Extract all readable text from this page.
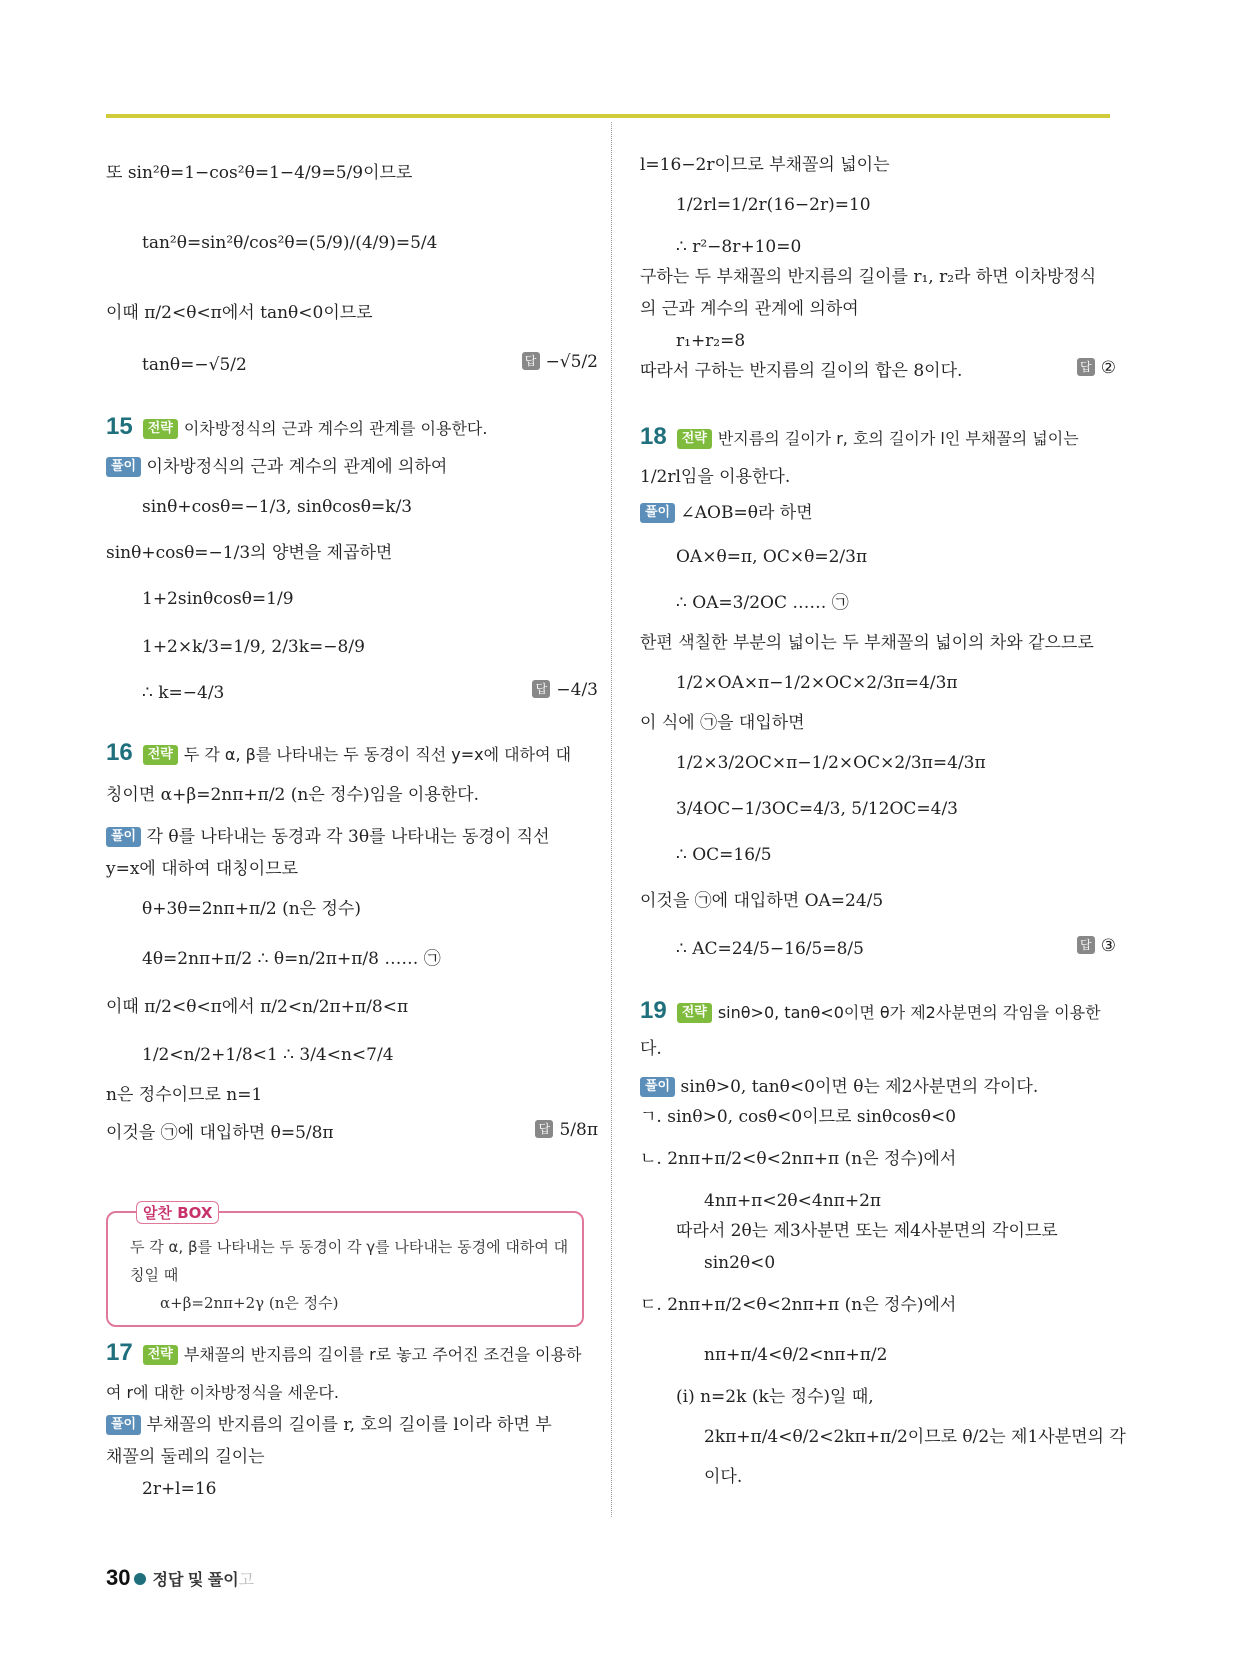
또 sin²θ=1−cos²θ=1−4/9=5/9이므로
tan²θ=sin²θ/cos²θ=(5/9)/(4/9)=5/4
이때 π/2<θ<π에서 tanθ<0이므로
tanθ=−√5/2
풀이 이차방정식의 근과 계수의 관계에 의하여
sinθ+cosθ=−1/3, sinθcosθ=k/3
sinθ+cosθ=−1/3의 양변을 제곱하면
1+2sinθcosθ=1/9
1+2×k/3=1/9, 2/3k=−8/9
∴ k=−4/3
칭이면 α+β=2nπ+π/2 (n은 정수)임을 이용한다.
풀이 각 θ를 나타내는 동경과 각 3θ를 나타내는 동경이 직선
y=x에 대하여 대칭이므로
θ+3θ=2nπ+π/2 (n은 정수)
4θ=2nπ+π/2 ∴ θ=n/2π+π/8 …… ㉠
이때 π/2<θ<π에서 π/2<n/2π+π/8<π
1/2<n/2+1/8<1 ∴ 3/4<n<7/4
n은 정수이므로 n=1
이것을 ㉠에 대입하면 θ=5/8π
풀이 부채꼴의 반지름의 길이를 r, 호의 길이를 l이라 하면 부
채꼴의 둘레의 길이는
2r+l=16
15 전략 이차방정식의 근과 계수의 관계를 이용한다.
16 전략 두 각 α, β를 나타내는 두 동경이 직선 y=x에 대하여 대
17 전략 부채꼴의 반지름의 길이를 r로 놓고 주어진 조건을 이용하
여 r에 대한 이차방정식을 세운다.
답 −√5/2
답 −4/3
답 5/8π
l=16−2r이므로 부채꼴의 넓이는
1/2rl=1/2r(16−2r)=10
∴ r²−8r+10=0
구하는 두 부채꼴의 반지름의 길이를 r₁, r₂라 하면 이차방정식
의 근과 계수의 관계에 의하여
r₁+r₂=8
따라서 구하는 반지름의 길이의 합은 8이다.
1/2rl임을 이용한다.
풀이 ∠AOB=θ라 하면
OA×θ=π, OC×θ=2/3π
∴ OA=3/2OC …… ㉠
한편 색칠한 부분의 넓이는 두 부채꼴의 넓이의 차와 같으므로
1/2×OA×π−1/2×OC×2/3π=4/3π
이 식에 ㉠을 대입하면
1/2×3/2OC×π−1/2×OC×2/3π=4/3π
3/4OC−1/3OC=4/3, 5/12OC=4/3
∴ OC=16/5
이것을 ㉠에 대입하면 OA=24/5
∴ AC=24/5−16/5=8/5
다.
풀이 sinθ>0, tanθ<0이면 θ는 제2사분면의 각이다.
ㄱ. sinθ>0, cosθ<0이므로 sinθcosθ<0
ㄴ. 2nπ+π/2<θ<2nπ+π (n은 정수)에서
4nπ+π<2θ<4nπ+2π
따라서 2θ는 제3사분면 또는 제4사분면의 각이므로
sin2θ<0
ㄷ. 2nπ+π/2<θ<2nπ+π (n은 정수)에서
nπ+π/4<θ/2<nπ+π/2
(ⅰ) n=2k (k는 정수)일 때,
2kπ+π/4<θ/2<2kπ+π/2이므로 θ/2는 제1사분면의 각
이다.
18 전략 반지름의 길이가 r, 호의 길이가 l인 부채꼴의 넓이는
19 전략 sinθ>0, tanθ<0이면 θ가 제2사분면의 각임을 이용한
답 ②
답 ③
알찬 BOX
두 각 α, β를 나타내는 두 동경이 각 γ를 나타내는 동경에 대하여 대
칭일 때
α+β=2nπ+2γ (n은 정수)
30 정답 및 풀이고
